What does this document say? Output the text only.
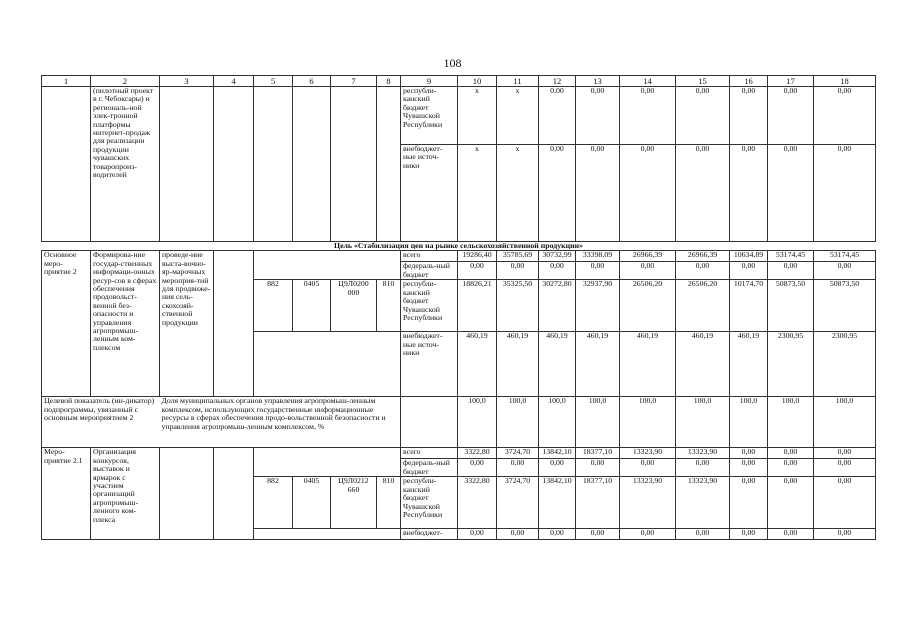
108
1	2	3	4	5	6	7	8	9	10	11	12	13	14	15	16	17	18
	(пилотный проект в г. Чебоксары) и региональ-ной элек-тронной платформы интернет-продаж для реализации продукции чувашских товаропроиз-водителей							республи-канский бюджет Чувашской Республики	x	x	0,00	0,00	0,00	0,00	0,00	0,00	0,00
								внебюджет-ные источ-ники	x	x	0,00	0,00	0,00	0,00	0,00	0,00	0,00
Цель «Стабилизация цен на рынке сельскохозяйственной продукции»																	
Основное меро-приятие 2	Формирова-ние государ-ственных информаци-онных ресур-сов в сферах обеспечения продовольст-венной без-опасности и управления агропромыш-ленным ком-плексом	проведе-ние выста-вочно-яр-марочных мероприя-тий для продвиже-ния сель-скохозяй-ственной продукции						всего	19286,40	35785,69	30732,99	33398,09	26966,39	26966,39	10634,89	53174,45	53174,45
								федераль-ный бюджет	0,00	0,00	0,00	0,00	0,00	0,00	0,00	0,00	0,00
				882	0405	Ц9Л0200 000	810	республи-канский бюджет Чувашской Республики	18826,21	35325,50	30272,80	32937,90	26506,20	26506,20	10174,70	50873,50	50873,50
								внебюджет-ные источ-ники	460,19	460,19	460,19	460,19	460,19	460,19	460,19	2300,95	2300,95
Целевой показатель (ин-дикатор) подпрограммы, увязанный с основным мероприятием 2		Доля муниципальных органов управления агропромыш-ленным комплексом, использующих государственные информационные ресурсы в сферах обеспечения продо-вольственной безопасности и управления агропромыш-ленным комплексом, %							100,0	100,0	100,0	100,0	100,0	100,0	100,0	100,0	100,0
Меро-приятие 2.1	Организация конкурсов, выставок и ярмарок с участием организаций агропромыш-ленного ком-плекса							всего	3322,80	3724,70	13842,10	18377,10	13323,90	13323,90	0,00	0,00	0,00
								федераль-ный бюджет	0,00	0,00	0,00	0,00	0,00	0,00	0,00	0,00	0,00
				882	0405	Ц9Л0212 660	810	республи-канский бюджет Чувашской Республики	3322,80	3724,70	13842,10	18377,10	13323,90	13323,90	0,00	0,00	0,00
								внебюджет-	0,00	0,00	0,00	0,00	0,00	0,00	0,00	0,00	0,00
